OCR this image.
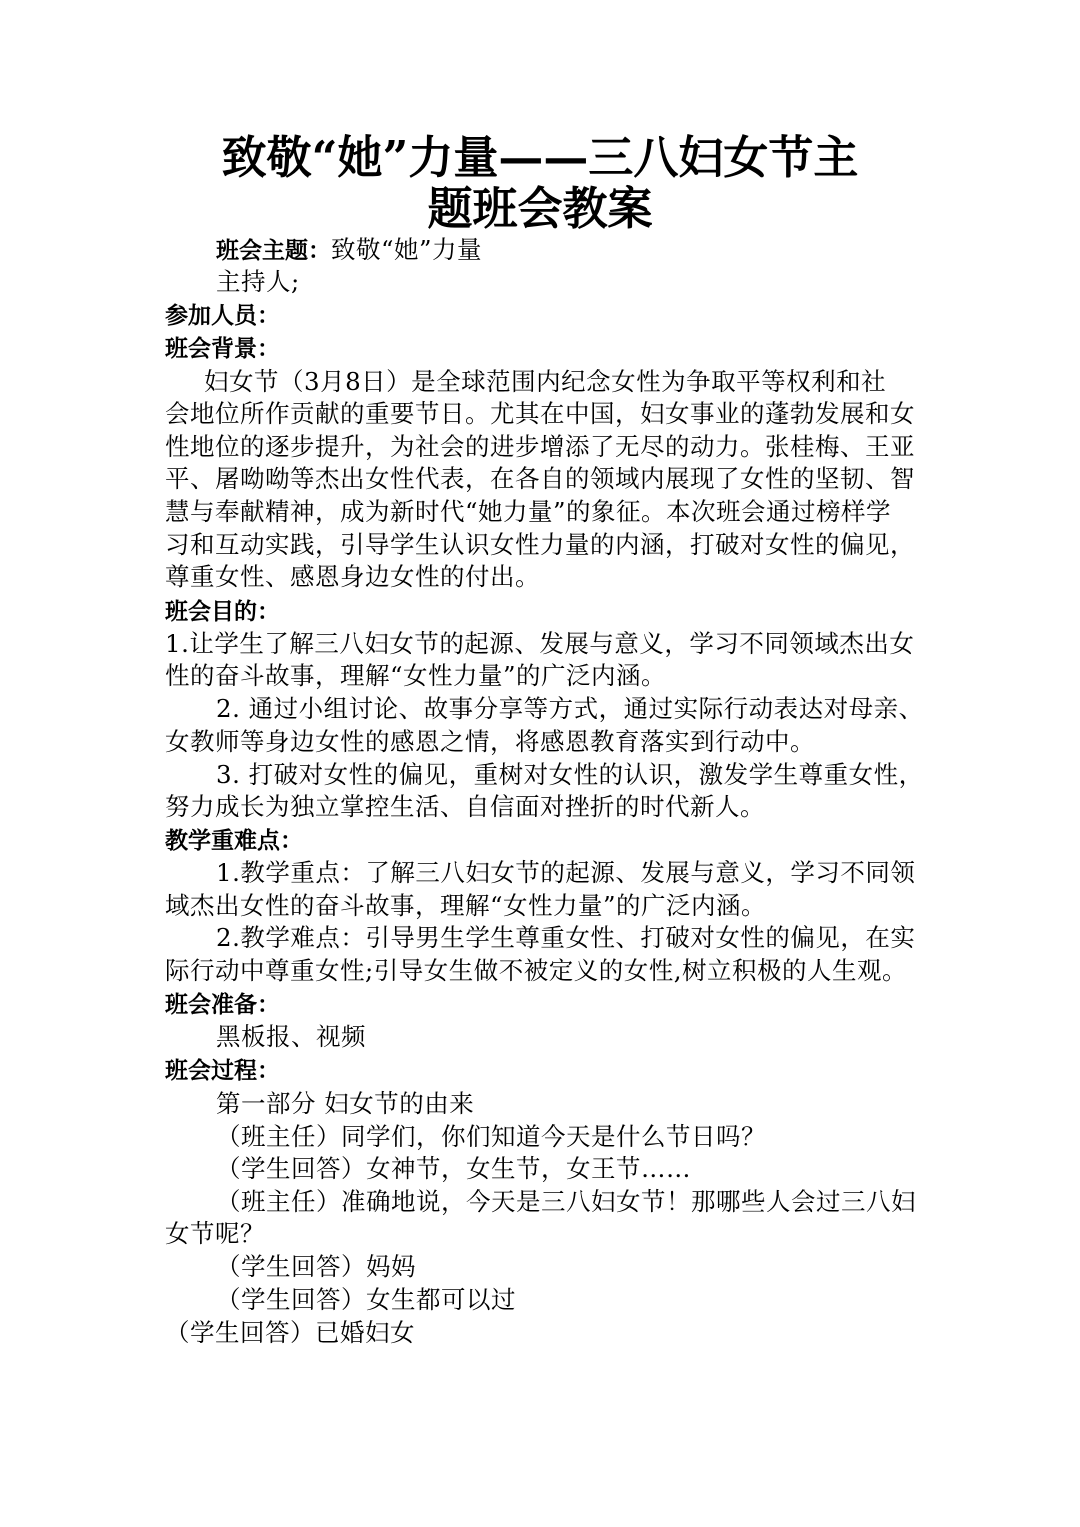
致敬“她”力量——三八妇女节主
题班会教案
班会主题：致敬“她”力量
主持人;
参加人员：
班会背景：
妇女节（3月8日）是全球范围内纪念女性为争取平等权利和社
会地位所作贡献的重要节日。尤其在中国，妇女事业的蓬勃发展和女
性地位的逐步提升，为社会的进步增添了无尽的动力。张桂梅、王亚
平、屠呦呦等杰出女性代表，在各自的领域内展现了女性的坚韧、智
慧与奉献精神，成为新时代“她力量”的象征。本次班会通过榜样学
习和互动实践，引导学生认识女性力量的内涵，打破对女性的偏见，
尊重女性、感恩身边女性的付出。
班会目的：
1.让学生了解三八妇女节的起源、发展与意义，学习不同领域杰出女
性的奋斗故事，理解“女性力量”的广泛内涵。
2. 通过小组讨论、故事分享等方式，通过实际行动表达对母亲、
女教师等身边女性的感恩之情，将感恩教育落实到行动中。
3. 打破对女性的偏见，重树对女性的认识，激发学生尊重女性，
努力成长为独立掌控生活、自信面对挫折的时代新人。
教学重难点：
1.教学重点：了解三八妇女节的起源、发展与意义，学习不同领
域杰出女性的奋斗故事，理解“女性力量”的广泛内涵。
2.教学难点：引导男生学生尊重女性、打破对女性的偏见，在实
际行动中尊重女性;引导女生做不被定义的女性,树立积极的人生观。
班会准备：
黑板报、视频
班会过程：
第一部分 妇女节的由来
（班主任）同学们，你们知道今天是什么节日吗？
（学生回答）女神节，女生节，女王节……
（班主任）准确地说，今天是三八妇女节！那哪些人会过三八妇
女节呢？
（学生回答）妈妈
（学生回答）女生都可以过
（学生回答）已婚妇女
